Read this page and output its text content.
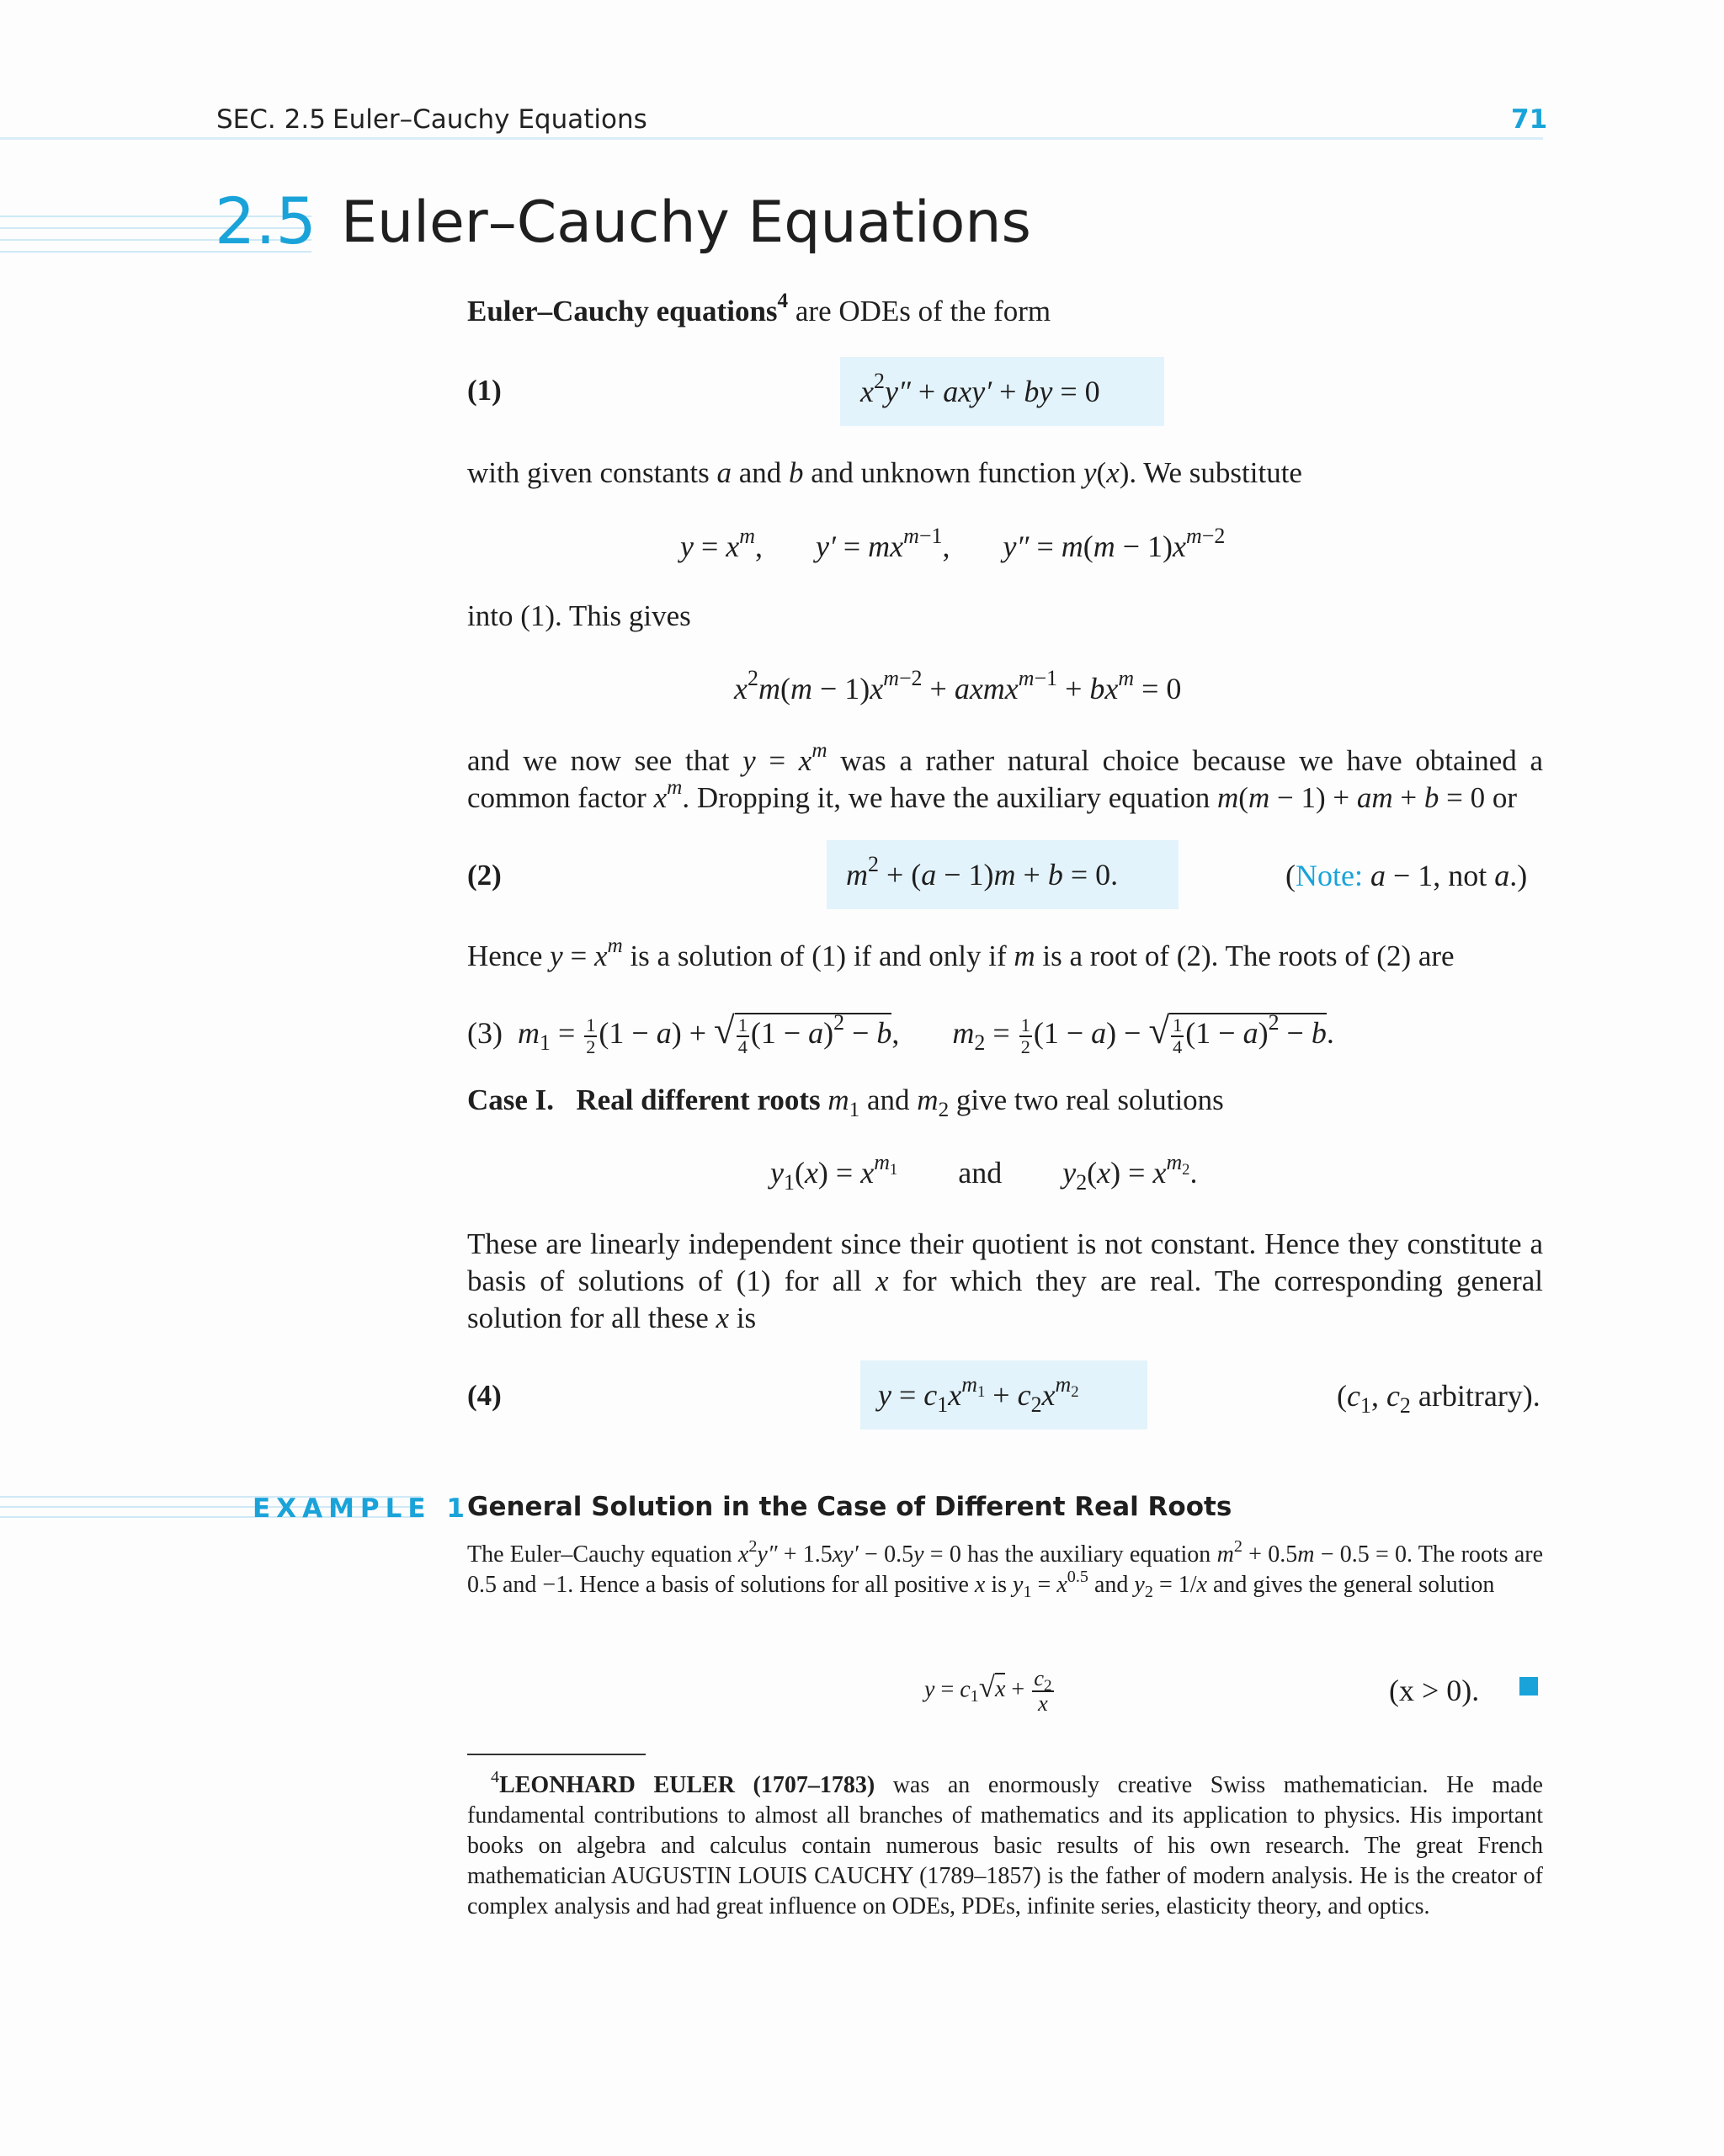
SEC. 2.5 Euler–Cauchy Equations	71
2.5 Euler–Cauchy Equations
Euler–Cauchy equations$^4$ are ODEs of the form
(1)	$x^2y'' + axy'$ + by = 0
with given constants a and b and unknown function y(x). We substitute
$y = x^m$,       $y' = mx^{m-1}$,       $y'' = m(m - 1)x^{m-2}$
into (1). This gives
$x^2m(m - 1)x^{m-2}$ + axmx$^{m-1}$ + $bx^m = 0$
and we now see that $y = x^m$ was a rather natural choice because we have obtained a common factor $x^m$. Dropping it, we have the auxiliary equation m(m − 1) + am + b = 0 or
(2)	$m^2 + (a - 1)m + b = 0$.	(Note: a − 1, not a.)
Hence $y = x^m$ is a solution of (1) if and only if m is a root of (2). The roots of (2) are
(3) $m_1 = \frac{1}{2} (1 - a)$ + √ $\frac{1}{4} (1 - a)^2 - b$,       $m_2 = \frac{1}{2} (1 - a)$ − √ $\frac{1}{4} (1 - a)^2 - b$.
Case I. Real different roots $m_1$ and $m_2$ give two real solutions
$y_1(x) = x^{m_1}$ and $y_2(x) = x^{m_2}$.
These are linearly independent since their quotient is not constant. Hence they constitute a basis of solutions of (1) for all x for which they are real. The corresponding general solution for all these x is
(4)	$y = c_1x^{m_1} + c_2x^{m_2}$	($c_1$, $c_2$ arbitrary).
EXAMPLE 1
General Solution in the Case of Different Real Roots
The Euler–Cauchy equation $x^2y'' + 1.5xy' - 0.5y = 0$ has the auxiliary equation $m^2 + 0.5m - 0.5 = 0$. The roots are 0.5 and −1. Hence a basis of solutions for all positive x is $y_1 = x^{0.5}$ and $y_2 = 1/x$ and gives the general solution
$y = c_1√x + \frac{c_2}{x}$	(x > 0).
$^4$LEONHARD EULER (1707–1783) was an enormously creative Swiss mathematician. He made fundamental contributions to almost all branches of mathematics and its application to physics. His important books on algebra and calculus contain numerous basic results of his own research. The great French mathematician AUGUSTIN LOUIS CAUCHY (1789–1857) is the father of modern analysis. He is the creator of complex analysis and had great influence on ODEs, PDEs, infinite series, elasticity theory, and optics.
